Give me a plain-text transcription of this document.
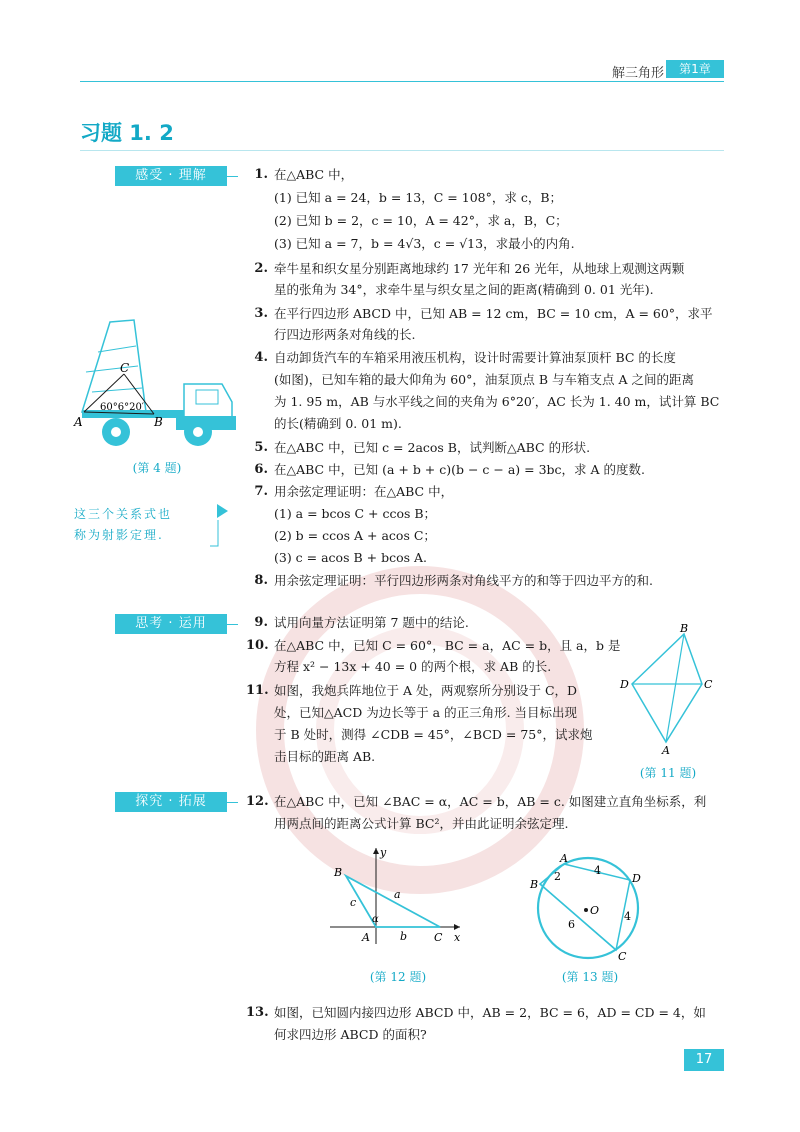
解三角形	第1章
习题 1. 2
感受 · 理解
思考 · 运用
探究 · 拓展
1. 在△ABC 中，
(1) 已知 a = 24，b = 13，C = 108°，求 c，B；
(2) 已知 b = 2，c = 10，A = 42°，求 a，B，C；
(3) 已知 a = 7，b = 4√3，c = √13，求最小的内角.
2. 牵牛星和织女星分别距离地球约 17 光年和 26 光年，从地球上观测这两颗
星的张角为 34°，求牵牛星与织女星之间的距离(精确到 0. 01 光年).
3. 在平行四边形 ABCD 中，已知 AB = 12 cm，BC = 10 cm，A = 60°，求平
行四边形两条对角线的长.
4. 自动卸货汽车的车箱采用液压机构，设计时需要计算油泵顶杆 BC 的长度
(如图)，已知车箱的最大仰角为 60°，油泵顶点 B 与车箱支点 A 之间的距离
为 1. 95 m，AB 与水平线之间的夹角为 6°20′，AC 长为 1. 40 m，试计算 BC
的长(精确到 0. 01 m).
5. 在△ABC 中，已知 c = 2acos B，试判断△ABC 的形状.
6. 在△ABC 中，已知 (a + b + c)(b − c − a) = 3bc，求 A 的度数.
7. 用余弦定理证明：在△ABC 中，
(1) a = bcos C + ccos B；
(2) b = ccos A + acos C；
(3) c = acos B + bcos A.
8. 用余弦定理证明：平行四边形两条对角线平方的和等于四边平方的和.
9. 试用向量方法证明第 7 题中的结论.
10. 在△ABC 中，已知 C = 60°，BC = a，AC = b，且 a，b 是
方程 x² − 13x + 40 = 0 的两个根，求 AB 的长.
11. 如图，我炮兵阵地位于 A 处，两观察所分别设于 C，D
处，已知△ACD 为边长等于 a 的正三角形. 当目标出现
于 B 处时，测得 ∠CDB = 45°，∠BCD = 75°，试求炮
击目标的距离 AB.
12. 在△ABC 中，已知 ∠BAC = α，AC = b，AB = c. 如图建立直角坐标系，利
用两点间的距离公式计算 BC²，并由此证明余弦定理.
13. 如图，已知圆内接四边形 ABCD 中，AB = 2，BC = 6，AD = CD = 4，如
何求四边形 ABCD 的面积?
这三个关系式也
称为射影定理.
A	B
C
60°6°20′
(第 4 题)
B
D	C
A
(第 11 题)
y
x
B
A	C
a
b
c
α
(第 12 题)
A
B
C
D
O
2	4
4
6
(第 13 题)
17
